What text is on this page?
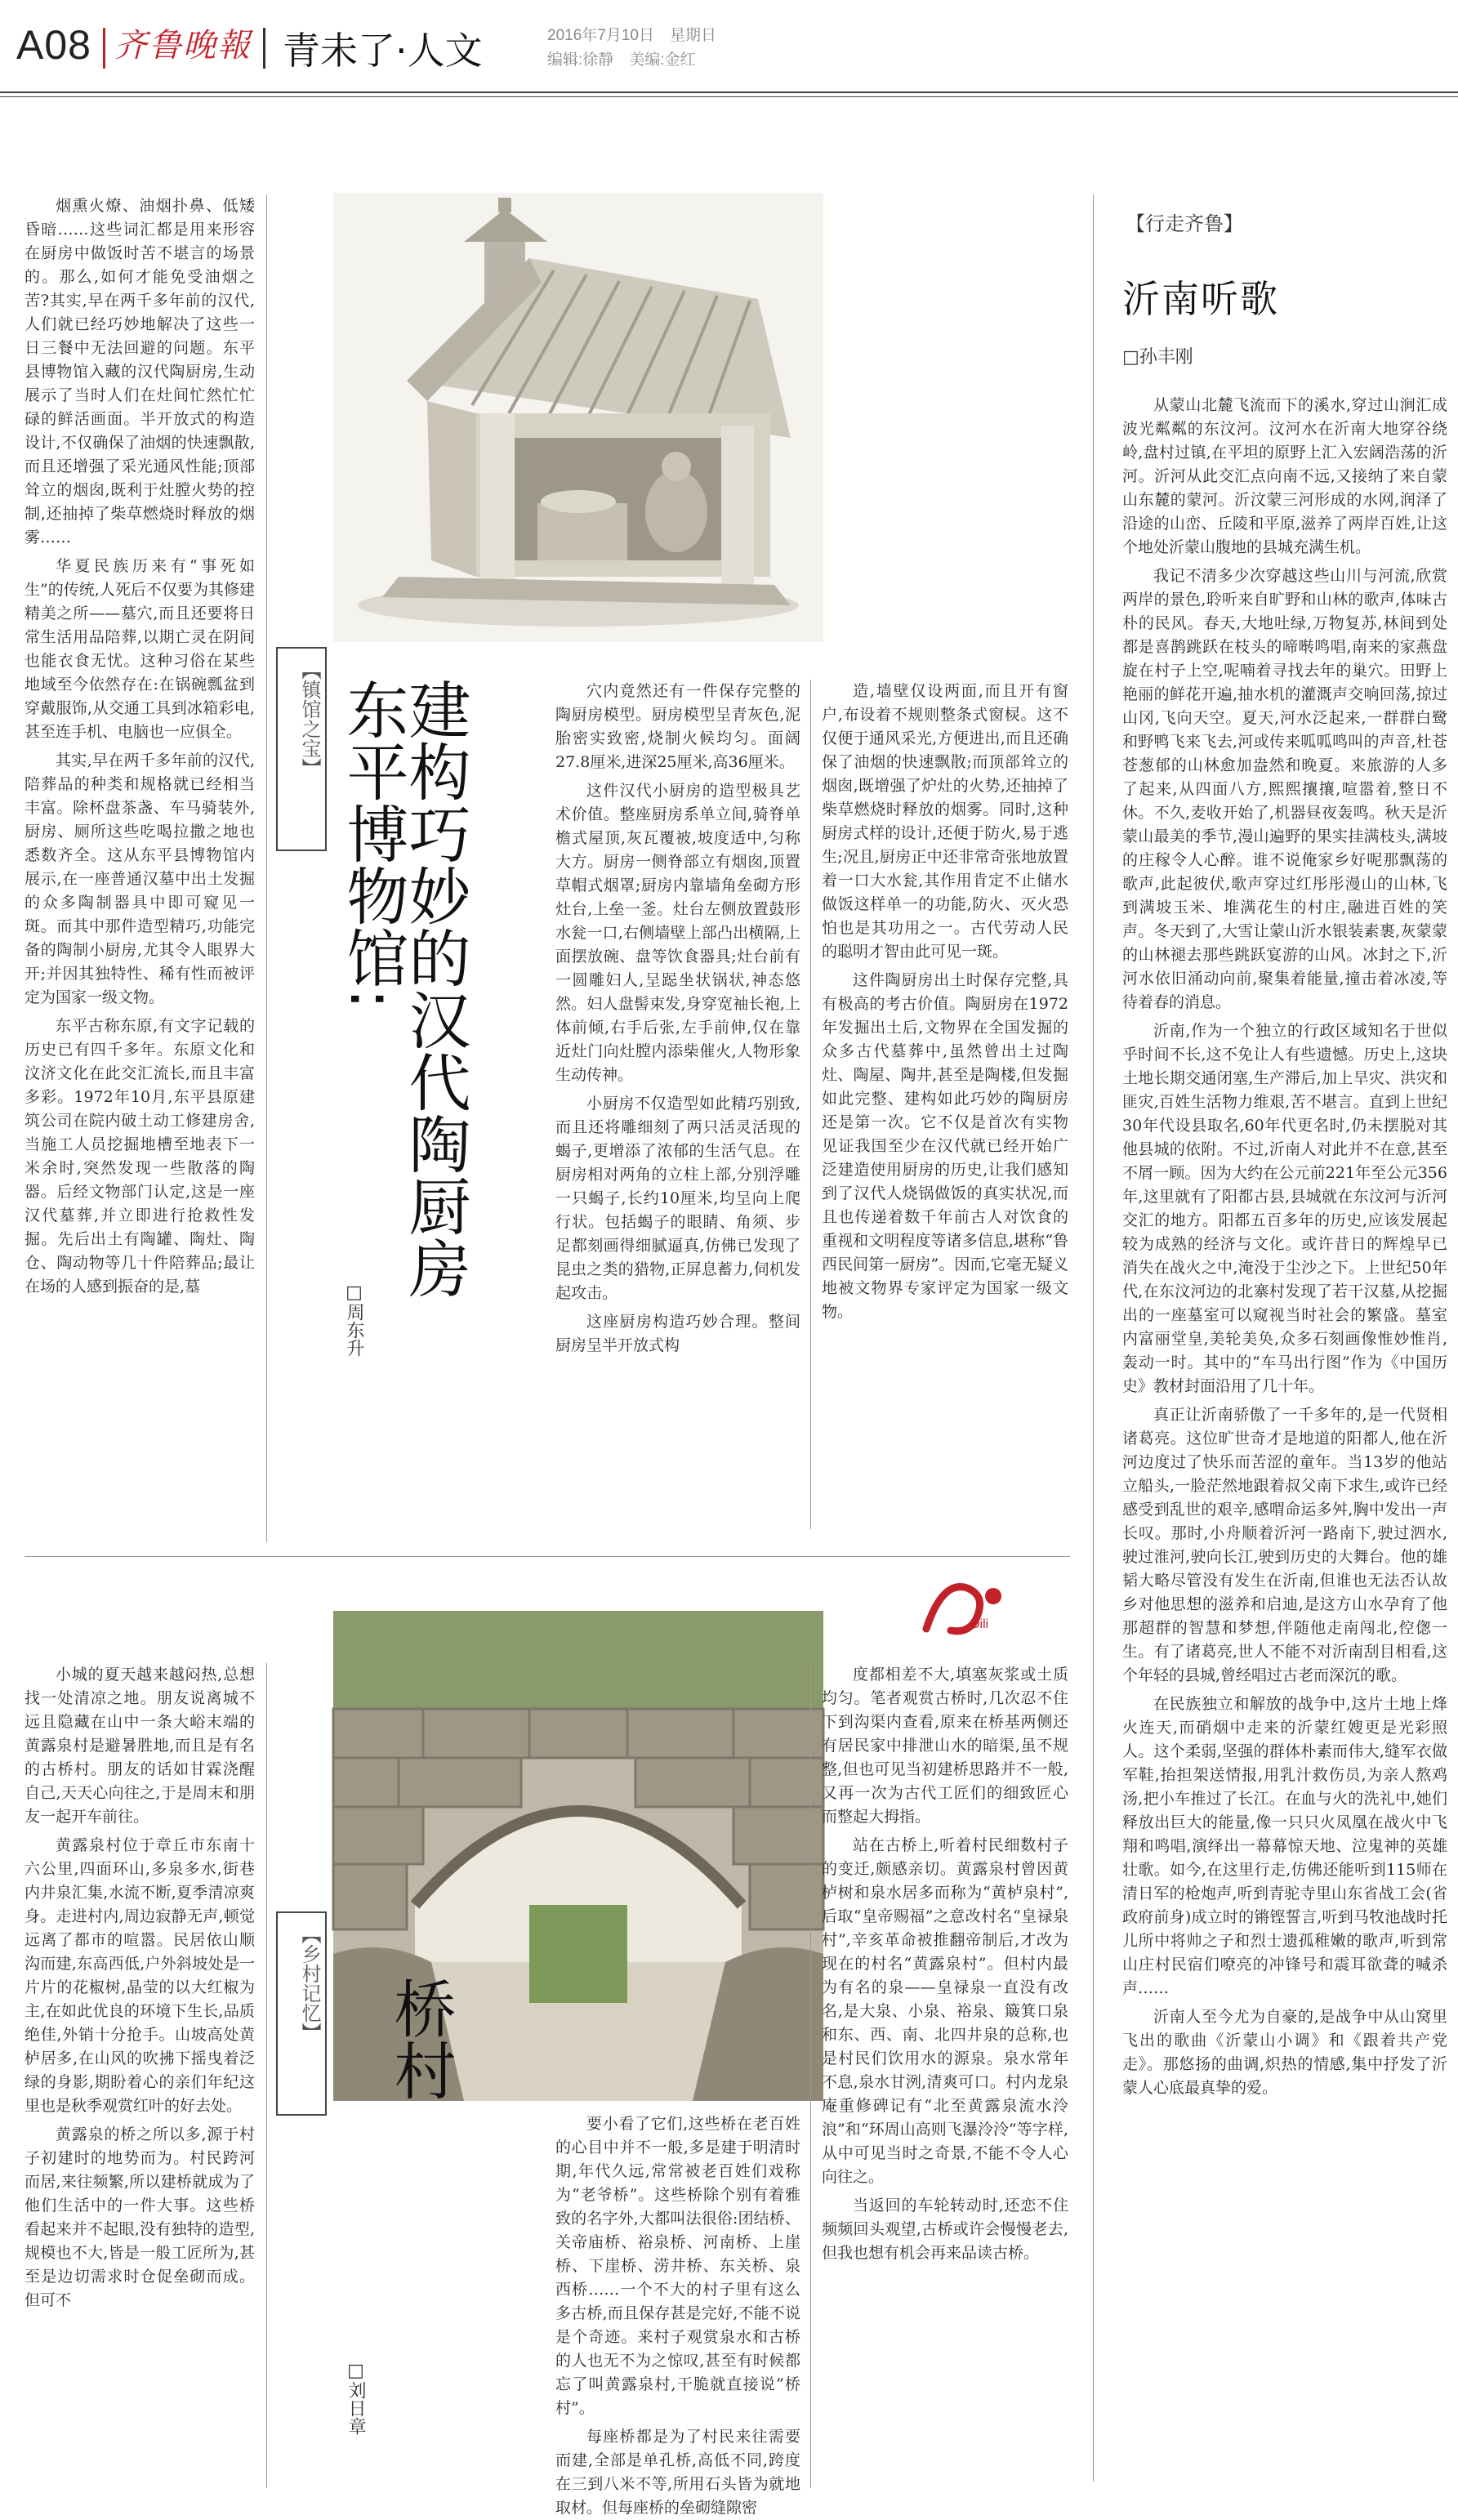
A08 齐鲁晚報 青未了·人文	2016年7月10日　星期日
编辑:徐静　美编:金红

烟熏火燎、油烟扑鼻、低矮昏暗……这些词汇都是用来形容在厨房中做饭时苦不堪言的场景的。那么,如何才能免受油烟之苦?其实,早在两千多年前的汉代,人们就已经巧妙地解决了这些一日三餐中无法回避的问题。东平县博物馆入藏的汉代陶厨房,生动展示了当时人们在灶间忙然忙忙碌的鲜活画面。半开放式的构造设计,不仅确保了油烟的快速飘散,而且还增强了采光通风性能;顶部耸立的烟囱,既利于灶膛火势的控制,还抽掉了柴草燃烧时释放的烟雾……

华夏民族历来有“事死如生”的传统,人死后不仅要为其修建精美之所——墓穴,而且还要将日常生活用品陪葬,以期亡灵在阴间也能衣食无忧。这种习俗在某些地域至今依然存在:在锅碗瓢盆到穿戴服饰,从交通工具到冰箱彩电,甚至连手机、电脑也一应俱全。

其实,早在两千多年前的汉代,陪葬品的种类和规格就已经相当丰富。除杯盘茶盏、车马骑装外,厨房、厕所这些吃喝拉撒之地也悉数齐全。这从东平县博物馆内展示,在一座普通汉墓中出土发掘的众多陶制器具中即可窥见一斑。而其中那件造型精巧,功能完备的陶制小厨房,尤其令人眼界大开;并因其独特性、稀有性而被评定为国家一级文物。

东平古称东原,有文字记载的历史已有四千多年。东原文化和汶济文化在此交汇流长,而且丰富多彩。1972年10月,东平县原建筑公司在院内破土动工修建房舍,当施工人员挖掘地槽至地表下一米余时,突然发现一些散落的陶器。后经文物部门认定,这是一座汉代墓葬,并立即进行抢救性发掘。先后出土有陶罐、陶灶、陶仓、陶动物等几十件陪葬品;最让在场的人感到振奋的是,墓

【镇馆之宝】 建构巧妙的汉代陶厨房
东平博物馆:
□周东升

穴内竟然还有一件保存完整的陶厨房模型。厨房模型呈青灰色,泥胎密实致密,烧制火候均匀。面阔27.8厘米,进深25厘米,高36厘米。

这件汉代小厨房的造型极具艺术价值。整座厨房系单立间,骑脊单檐式屋顶,灰瓦覆被,坡度适中,匀称大方。厨房一侧脊部立有烟囱,顶置草帽式烟罩;厨房内靠墙角垒砌方形灶台,上垒一釜。灶台左侧放置鼓形水瓮一口,右侧墙壁上部凸出横隔,上面摆放碗、盘等饮食器具;灶台前有一圆雕妇人,呈跽坐状锅状,神态悠然。妇人盘髻束发,身穿宽袖长袍,上体前倾,右手后张,左手前伸,仅在靠近灶门向灶膛内添柴催火,人物形象生动传神。

小厨房不仅造型如此精巧别致,而且还将雕细刻了两只活灵活现的蝎子,更增添了浓郁的生活气息。在厨房相对两角的立柱上部,分别浮雕一只蝎子,长约10厘米,均呈向上爬行状。包括蝎子的眼睛、角须、步足都刻画得细腻逼真,仿佛已发现了昆虫之类的猎物,正屏息蓄力,伺机发起攻击。

这座厨房构造巧妙合理。整间厨房呈半开放式构

造,墙壁仅设两面,而且开有窗户,布设着不规则整条式窗棂。这不仅便于通风采光,方便进出,而且还确保了油烟的快速飘散;而顶部耸立的烟囱,既增强了炉灶的火势,还抽掉了柴草燃烧时释放的烟雾。同时,这种厨房式样的设计,还便于防火,易于逃生;况且,厨房正中还非常奇张地放置着一口大水瓮,其作用肯定不止储水做饭这样单一的功能,防火、灭火恐怕也是其功用之一。古代劳动人民的聪明才智由此可见一斑。

这件陶厨房出土时保存完整,具有极高的考古价值。陶厨房在1972年发掘出土后,文物界在全国发掘的众多古代墓葬中,虽然曾出土过陶灶、陶屋、陶井,甚至是陶楼,但发掘如此完整、建构如此巧妙的陶厨房还是第一次。它不仅是首次有实物见证我国至少在汉代就已经开始广泛建造使用厨房的历史,让我们感知到了汉代人烧锅做饭的真实状况,而且也传递着数千年前古人对饮食的重视和文明程度等诸多信息,堪称“鲁西民间第一厨房”。因而,它毫无疑义地被文物界专家评定为国家一级文物。

【行走齐鲁】
沂南听歌
□孙丰刚

从蒙山北麓飞流而下的溪水,穿过山涧汇成波光粼粼的东汶河。汶河水在沂南大地穿谷绕岭,盘村过镇,在平坦的原野上汇入宏阔浩荡的沂河。沂河从此交汇点向南不远,又接纳了来自蒙山东麓的蒙河。沂汶蒙三河形成的水网,润泽了沿途的山峦、丘陵和平原,滋养了两岸百姓,让这个地处沂蒙山腹地的县城充满生机。

我记不清多少次穿越这些山川与河流,欣赏两岸的景色,聆听来自旷野和山林的歌声,体味古朴的民风。春天,大地吐绿,万物复苏,林间到处都是喜鹊跳跃在枝头的啼啭鸣唱,南来的家燕盘旋在村子上空,呢喃着寻找去年的巢穴。田野上艳丽的鲜花开遍,抽水机的灌溉声交响回荡,掠过山冈,飞向天空。夏天,河水泛起来,一群群白鹭和野鸭飞来飞去,河或传来呱呱鸣叫的声音,杜苍苍葱郁的山林愈加盎然和晚夏。来旅游的人多了起来,从四面八方,熙熙攘攘,喧嚣着,整日不休。不久,麦收开始了,机器昼夜轰鸣。秋天是沂蒙山最美的季节,漫山遍野的果实挂满枝头,满坡的庄稼令人心醉。谁不说俺家乡好呢那飘荡的歌声,此起彼伏,歌声穿过红彤彤漫山的山林,飞到满坡玉米、堆满花生的村庄,融进百姓的笑声。冬天到了,大雪让蒙山沂水银装素裹,灰蒙蒙的山林褪去那些跳跃宴游的山风。冰封之下,沂河水依旧涌动向前,聚集着能量,撞击着冰凌,等待着春的消息。

沂南,作为一个独立的行政区域知名于世似乎时间不长,这不免让人有些遗憾。历史上,这块土地长期交通闭塞,生产滞后,加上旱灾、洪灾和匪灾,百姓生活物力维艰,苦不堪言。直到上世纪30年代设县取名,60年代更名时,仍未摆脱对其他县城的依附。不过,沂南人对此并不在意,甚至不屑一顾。因为大约在公元前221年至公元356年,这里就有了阳都古县,县城就在东汶河与沂河交汇的地方。阳都五百多年的历史,应该发展起较为成熟的经济与文化。或许昔日的辉煌早已消失在战火之中,淹没于尘沙之下。上世纪50年代,在东汶河边的北寨村发现了若干汉墓,从挖掘出的一座墓室可以窥视当时社会的繁盛。墓室内富丽堂皇,美轮美奂,众多石刻画像惟妙惟肖,轰动一时。其中的“车马出行图”作为《中国历史》教材封面沿用了几十年。

真正让沂南骄傲了一千多年的,是一代贤相诸葛亮。这位旷世奇才是地道的阳都人,他在沂河边度过了快乐而苦涩的童年。当13岁的他站立船头,一脸茫然地跟着叔父南下求生,或许已经感受到乱世的艰辛,感喟命运多舛,胸中发出一声长叹。那时,小舟顺着沂河一路南下,驶过泗水,驶过淮河,驶向长江,驶到历史的大舞台。他的雄韬大略尽管没有发生在沂南,但谁也无法否认故乡对他思想的滋养和启迪,是这方山水孕育了他那超群的智慧和梦想,伴随他走南闯北,倥偬一生。有了诸葛亮,世人不能不对沂南刮目相看,这个年轻的县城,曾经唱过古老而深沉的歌。

在民族独立和解放的战争中,这片土地上烽火连天,而硝烟中走来的沂蒙红嫂更是光彩照人。这个柔弱,坚强的群体朴素而伟大,缝军衣做军鞋,抬担架送情报,用乳汁救伤员,为亲人熬鸡汤,把小车推过了长江。在血与火的洗礼中,她们释放出巨大的能量,像一只只火凤凰在战火中飞翔和鸣唱,演绎出一幕幕惊天地、泣鬼神的英雄壮歌。如今,在这里行走,仿佛还能听到115师在清日军的枪炮声,听到青驼寺里山东省战工会(省政府前身)成立时的锵铿誓言,听到马牧池战时托儿所中将帅之子和烈士遗孤稚嫩的歌声,听到常山庄村民宿们嘹亮的冲锋号和震耳欲聋的喊杀声……

沂南人至今尤为自豪的,是战争中从山窝里飞出的歌曲《沂蒙山小调》和《跟着共产党走》。那悠扬的曲调,炽热的情感,集中抒发了沂蒙人心底最真挚的爱。

Dili

小城的夏天越来越闷热,总想找一处清凉之地。朋友说离城不远且隐藏在山中一条大峪末端的黄露泉村是避暑胜地,而且是有名的古桥村。朋友的话如甘霖浇醒自己,天天心向往之,于是周末和朋友一起开车前往。

黄露泉村位于章丘市东南十六公里,四面环山,多泉多水,街巷内井泉汇集,水流不断,夏季清凉爽身。走进村内,周边寂静无声,顿觉远离了都市的喧嚣。民居依山顺沟而建,东高西低,户外斜坡处是一片片的花椒树,晶莹的以大红椒为主,在如此优良的环境下生长,品质绝佳,外销十分抢手。山坡高处黄栌居多,在山风的吹拂下摇曳着泛绿的身影,期盼着心的亲们年纪这里也是秋季观赏红叶的好去处。

黄露泉的桥之所以多,源于村子初建时的地势而为。村民跨河而居,来往频繁,所以建桥就成为了他们生活中的一件大事。这些桥看起来并不起眼,没有独特的造型,规模也不大,皆是一般工匠所为,甚至是边切需求时仓促垒砌而成。但可不

【乡村记忆】 桥村
□刘日章

要小看了它们,这些桥在老百姓的心目中并不一般,多是建于明清时期,年代久远,常常被老百姓们戏称为“老爷桥”。这些桥除个别有着雅致的名字外,大都叫法很俗:团结桥、关帝庙桥、裕泉桥、河南桥、上崖桥、下崖桥、涝井桥、东关桥、泉西桥……一个不大的村子里有这么多古桥,而且保存甚是完好,不能不说是个奇迹。来村子观赏泉水和古桥的人也无不为之惊叹,甚至有时候都忘了叫黄露泉村,干脆就直接说“桥村”。

每座桥都是为了村民来往需要而建,全部是单孔桥,高低不同,跨度在三到八米不等,所用石头皆为就地取材。但每座桥的垒砌缝隙密

度都相差不大,填塞灰浆或土质均匀。笔者观赏古桥时,几次忍不住下到沟渠内查看,原来在桥基两侧还有居民家中排泄山水的暗渠,虽不规整,但也可见当初建桥思路并不一般,又再一次为古代工匠们的细致匠心而整起大拇指。

站在古桥上,听着村民细数村子的变迁,颇感亲切。黄露泉村曾因黄栌树和泉水居多而称为“黄栌泉村”,后取“皇帝赐福”之意改村名“皇禄泉村”,辛亥革命被推翻帝制后,才改为现在的村名“黄露泉村”。但村内最为有名的泉——皇禄泉一直没有改名,是大泉、小泉、裕泉、簸箕口泉和东、西、南、北四井泉的总称,也是村民们饮用水的源泉。泉水常年不息,泉水甘洌,清爽可口。村内龙泉庵重修碑记有“北至黄露泉流水泠浪”和“环周山高则飞瀑泠泠”等字样,从中可见当时之奇景,不能不令人心向往之。

当返回的车轮转动时,还恋不住频频回头观望,古桥或许会慢慢老去,但我也想有机会再来品读古桥。
